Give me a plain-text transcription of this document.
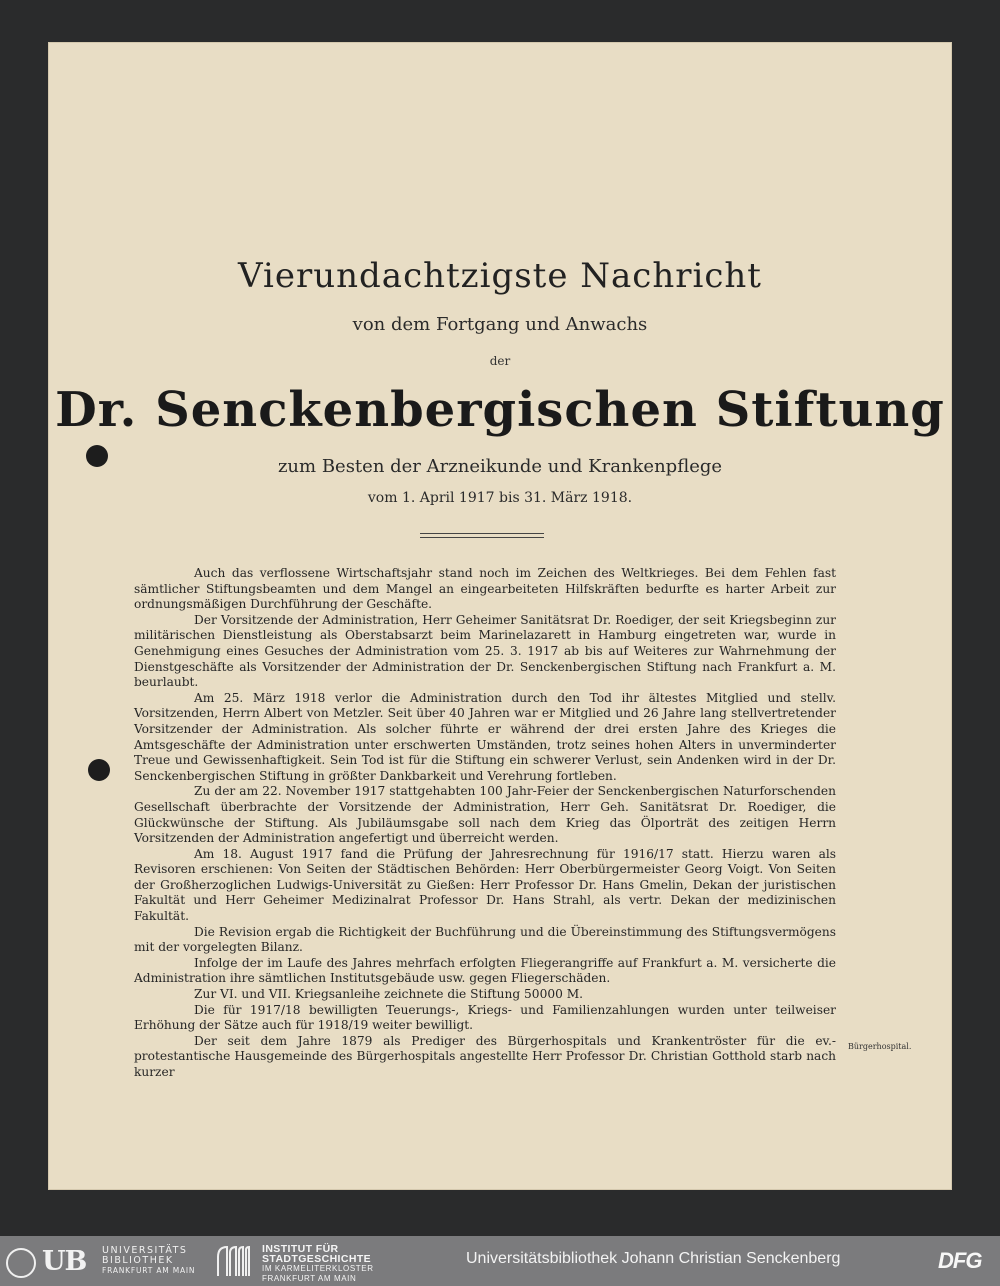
Vierundachtzigste Nachricht
von dem Fortgang und Anwachs
der
Dr. Senckenbergischen Stiftung
zum Besten der Arzneikunde und Krankenpflege
vom 1. April 1917 bis 31. März 1918.

Auch das verflossene Wirtschaftsjahr stand noch im Zeichen des Weltkrieges. Bei dem Fehlen fast sämtlicher Stiftungsbeamten und dem Mangel an eingearbeiteten Hilfskräften bedurfte es harter Arbeit zur ordnungsmäßigen Durchführung der Geschäfte.

Der Vorsitzende der Administration, Herr Geheimer Sanitätsrat Dr. Roediger, der seit Kriegsbeginn zur militärischen Dienstleistung als Oberstabsarzt beim Marinelazarett in Hamburg eingetreten war, wurde in Genehmigung eines Gesuches der Administration vom 25. 3. 1917 ab bis auf Weiteres zur Wahrnehmung der Dienstgeschäfte als Vorsitzender der Administration der Dr. Senckenbergischen Stiftung nach Frankfurt a. M. beurlaubt.

Am 25. März 1918 verlor die Administration durch den Tod ihr ältestes Mitglied und stellv. Vorsitzenden, Herrn Albert von Metzler. Seit über 40 Jahren war er Mitglied und 26 Jahre lang stellvertretender Vorsitzender der Administration. Als solcher führte er während der drei ersten Jahre des Krieges die Amtsgeschäfte der Administration unter erschwerten Umständen, trotz seines hohen Alters in unverminderter Treue und Gewissenhaftigkeit. Sein Tod ist für die Stiftung ein schwerer Verlust, sein Andenken wird in der Dr. Senckenbergischen Stiftung in größter Dankbarkeit und Verehrung fortleben.

Zu der am 22. November 1917 stattgehabten 100 Jahr-Feier der Senckenbergischen Naturforschenden Gesellschaft überbrachte der Vorsitzende der Administration, Herr Geh. Sanitätsrat Dr. Roediger, die Glückwünsche der Stiftung. Als Jubiläumsgabe soll nach dem Krieg das Ölporträt des zeitigen Herrn Vorsitzenden der Administration angefertigt und überreicht werden.

Am 18. August 1917 fand die Prüfung der Jahresrechnung für 1916/17 statt. Hierzu waren als Revisoren erschienen: Von Seiten der Städtischen Behörden: Herr Oberbürgermeister Georg Voigt. Von Seiten der Großherzoglichen Ludwigs-Universität zu Gießen: Herr Professor Dr. Hans Gmelin, Dekan der juristischen Fakultät und Herr Geheimer Medizinalrat Professor Dr. Hans Strahl, als vertr. Dekan der medizinischen Fakultät.

Die Revision ergab die Richtigkeit der Buchführung und die Übereinstimmung des Stiftungsvermögens mit der vorgelegten Bilanz.

Infolge der im Laufe des Jahres mehrfach erfolgten Fliegerangriffe auf Frankfurt a. M. versicherte die Administration ihre sämtlichen Institutsgebäude usw. gegen Fliegerschäden.

Zur VI. und VII. Kriegsanleihe zeichnete die Stiftung 50000 M.

Die für 1917/18 bewilligten Teuerungs-, Kriegs- und Familienzahlungen wurden unter teilweiser Erhöhung der Sätze auch für 1918/19 weiter bewilligt.

Der seit dem Jahre 1879 als Prediger des Bürgerhospitals und Krankentröster für die ev.-protestantische Hausgemeinde des Bürgerhospitals angestellte Herr Professor Dr. Christian Gotthold starb nach kurzer

Bürgerhospital.
UB UNIVERSITÄTS
BIBLIOTHEK
FRANKFURT AM MAIN
INSTITUT FÜR
STADTGESCHICHTE
IM KARMELITERKLOSTER
FRANKFURT AM MAIN
Universitätsbibliothek Johann Christian Senckenberg	DFG
